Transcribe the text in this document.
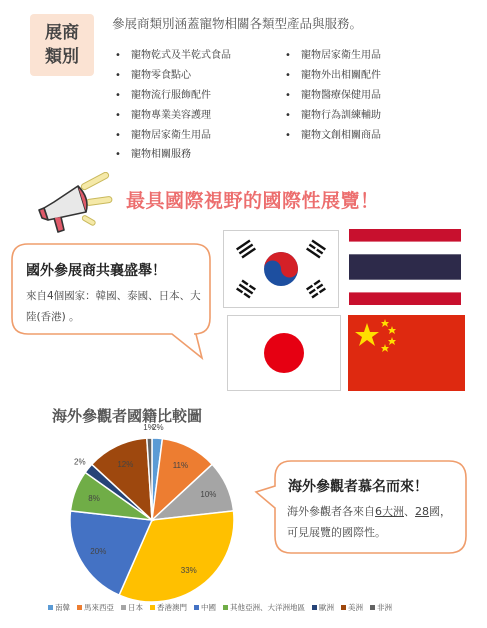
展商
類別
參展商類別涵蓋寵物相關各類型產品與服務。
• 寵物乾式及半乾式食品
• 寵物零食點心
• 寵物流行服飾配件
• 寵物專業美容護理
• 寵物居家衛生用品
• 寵物相關服務
• 寵物居家衛生用品
• 寵物外出相關配件
• 寵物醫療保健用品
• 寵物行為訓練輔助
• 寵物文創相關商品
最具國際視野的國際性展覽！
國外參展商共襄盛舉！
來自4個國家：韓國、泰國、日本、大陸(香港) 。
海外參觀者國籍比較圖
2%
11%
10%
33%
20%
8%
2%	12%
1%
南韓 馬來西亞 日本 香港澳門 中國 其他亞洲、大洋洲地區 歐洲 美洲 非洲
海外參觀者慕名而來！
海外參觀者各來自6大洲、28國，可見展覽的國際性。
